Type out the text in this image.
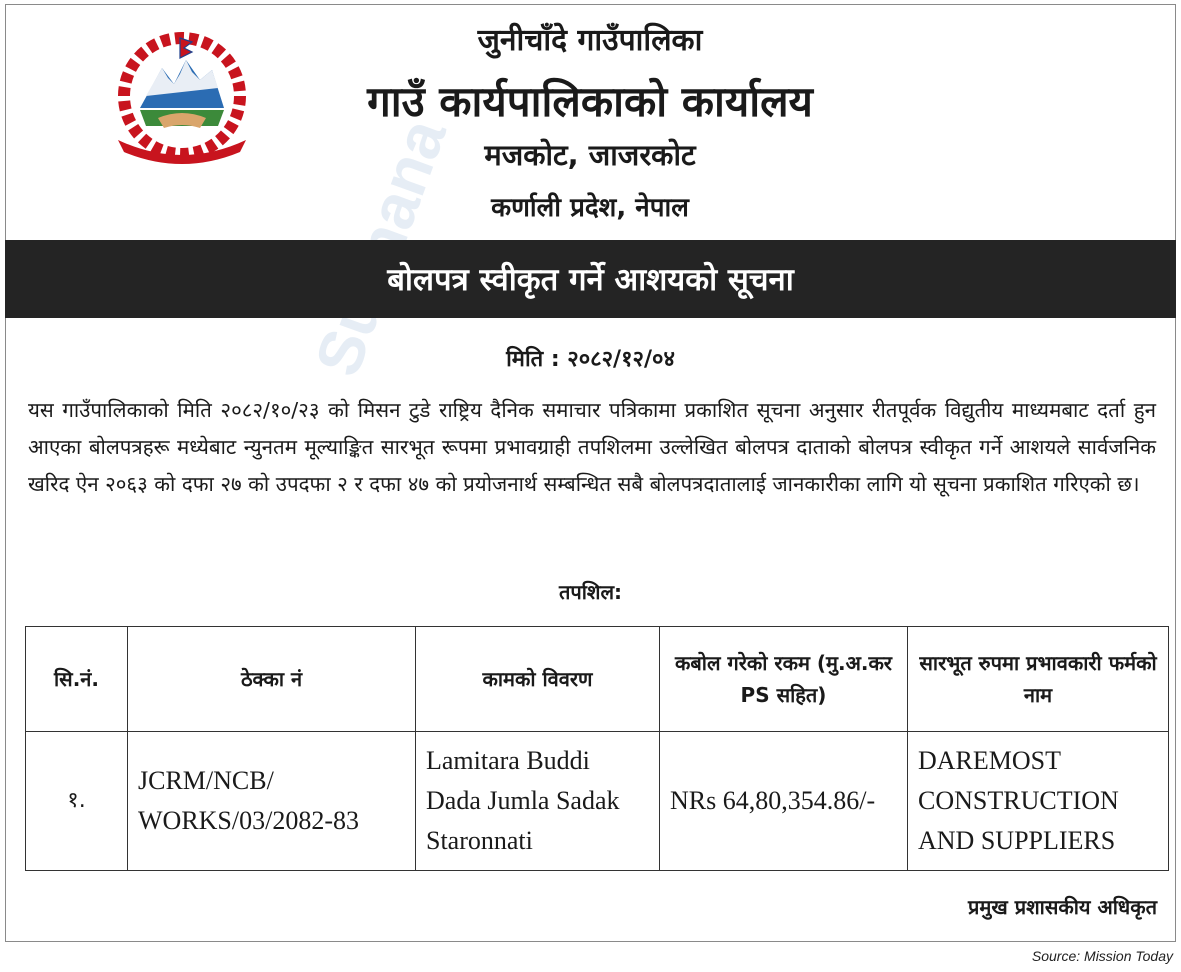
जुनीचाँदे गाउँपालिका
गाउँ कार्यपालिकाको कार्यालय
मजकोट, जाजरकोट
कर्णाली प्रदेश, नेपाल
बोलपत्र स्वीकृत गर्ने आशयको सूचना
मिति : २०८२/१२/०४
यस गाउँपालिकाको मिति २०८२/१०/२३ को मिसन टुडे राष्ट्रिय दैनिक समाचार पत्रिकामा प्रकाशित सूचना अनुसार रीतपूर्वक विद्युतीय माध्यमबाट दर्ता हुन आएका बोलपत्रहरू मध्येबाट न्युनतम मूल्याङ्कित सारभूत रूपमा प्रभावग्राही तपशिलमा उल्लेखित बोलपत्र दाताको बोलपत्र स्वीकृत गर्ने आशयले सार्वजनिक खरिद ऐन २०६३ को दफा २७ को उपदफा २ र दफा ४७ को प्रयोजनार्थ सम्बन्धित सबै बोलपत्रदातालाई जानकारीका लागि यो सूचना प्रकाशित गरिएको छ।
तपशिल:
सि.नं.	ठेक्का नं	कामको विवरण	कबोल गरेको रकम (मु.अ.कर PS सहित)	सारभूत रुपमा प्रभावकारी फर्मको नाम
१.	JCRM/NCB/ WORKS/03/2082-83	Lamitara Buddi Dada Jumla Sadak Staronnati	NRs 64,80,354.86/-	DAREMOST CONSTRUCTION AND SUPPLIERS
प्रमुख प्रशासकीय अधिकृत
Source: Mission Today
